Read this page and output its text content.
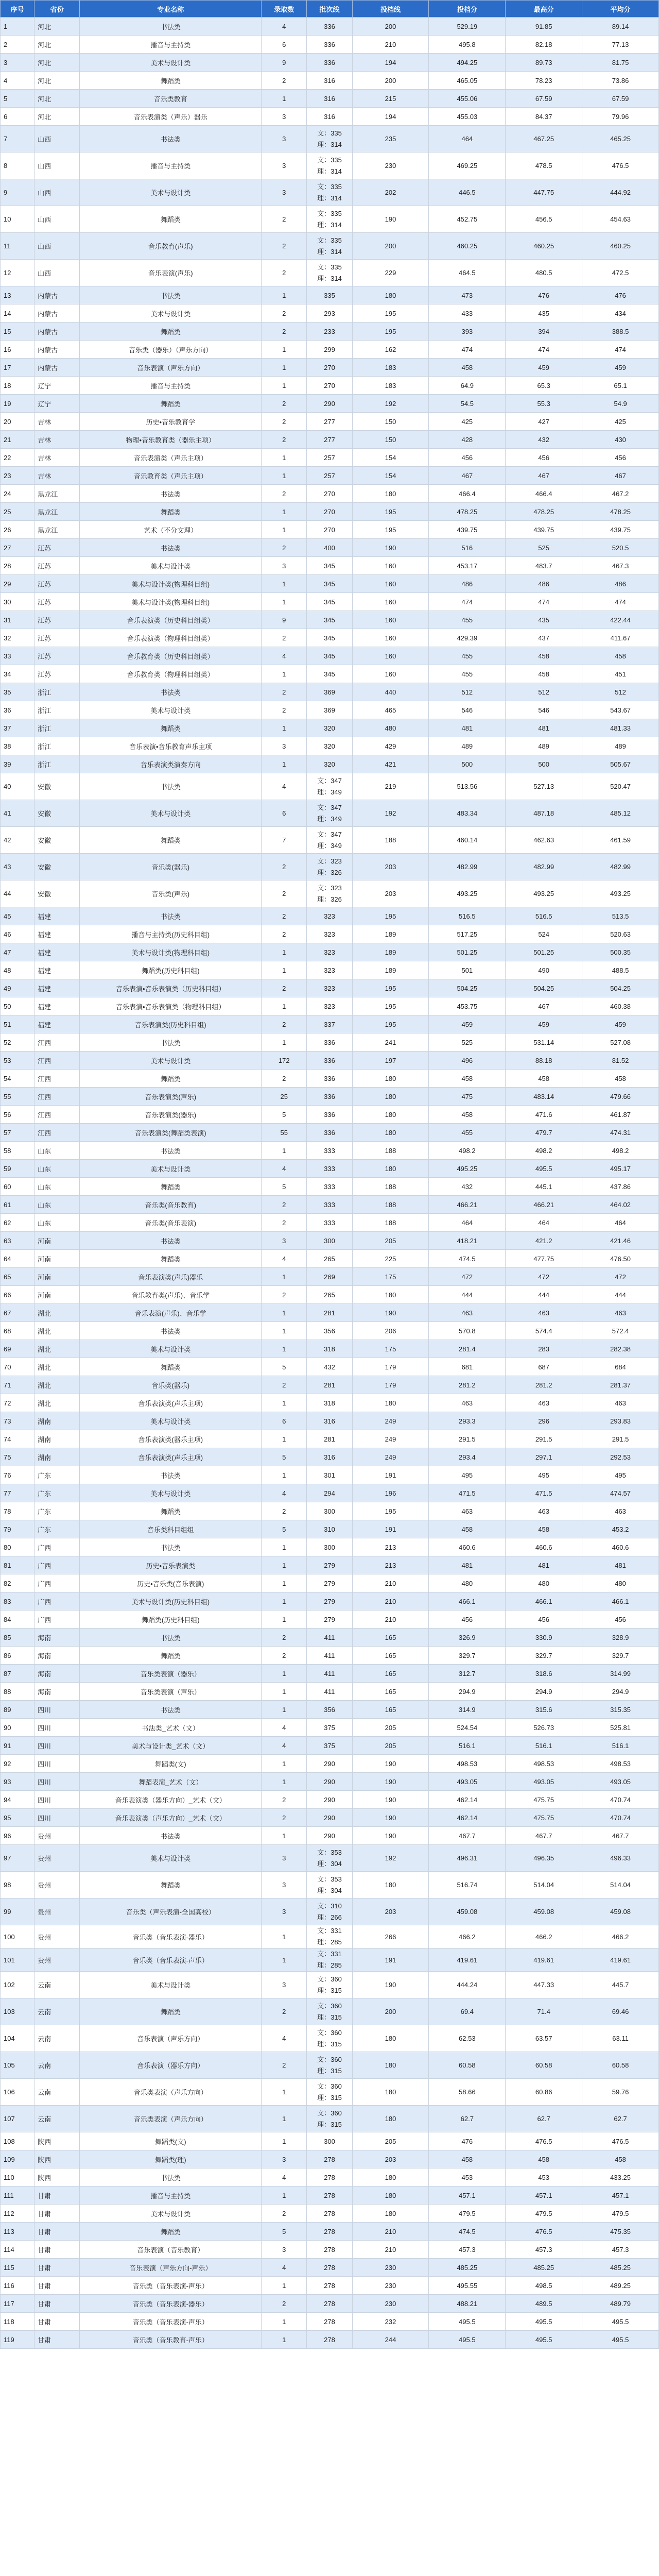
序号	省份	专业名称	录取数	批次线	投档线	投档分	最高分	平均分
1	河北	书法类	4	336	200	529.19	91.85	89.14
2	河北	播音与主持类	6	336	210	495.8	82.18	77.13
3	河北	美术与设计类	9	336	194	494.25	89.73	81.75
4	河北	舞蹈类	2	316	200	465.05	78.23	73.86
5	河北	音乐类教育	1	316	215	455.06	67.59	67.59
6	河北	音乐表演类（声乐）器乐	3	316	194	455.03	84.37	79.96
7	山西	书法类	3	文：335
理：314	235	464	467.25	465.25
8	山西	播音与主持类	3	文：335
理：314	230	469.25	478.5	476.5
9	山西	美术与设计类	3	文：335
理：314	202	446.5	447.75	444.92
10	山西	舞蹈类	2	文：335
理：314	190	452.75	456.5	454.63
11	山西	音乐教育(声乐)	2	文：335
理：314	200	460.25	460.25	460.25
12	山西	音乐表演(声乐)	2	文：335
理：314	229	464.5	480.5	472.5
13	内蒙古	书法类	1	335	180	473	476	476
14	内蒙古	美术与设计类	2	293	195	433	435	434
15	内蒙古	舞蹈类	2	233	195	393	394	388.5
16	内蒙古	音乐类（器乐）（声乐方向）	1	299	162	474	474	474
17	内蒙古	音乐表演（声乐方向）	1	270	183	458	459	459
18	辽宁	播音与主持类	1	270	183	64.9	65.3	65.1
19	辽宁	舞蹈类	2	290	192	54.5	55.3	54.9
20	吉林	历史•音乐教育学	2	277	150	425	427	425
21	吉林	物理•音乐教育类（器乐主项）	2	277	150	428	432	430
22	吉林	音乐表演类（声乐主项）	1	257	154	456	456	456
23	吉林	音乐教育类（声乐主项）	1	257	154	467	467	467
24	黑龙江	书法类	2	270	180	466.4	466.4	467.2
25	黑龙江	舞蹈类	1	270	195	478.25	478.25	478.25
26	黑龙江	艺术（不分文理）	1	270	195	439.75	439.75	439.75
27	江苏	书法类	2	400	190	516	525	520.5
28	江苏	美术与设计类	3	345	160	453.17	483.7	467.3
29	江苏	美术与设计类(物理科目组)	1	345	160	486	486	486
30	江苏	美术与设计类(物理科目组)	1	345	160	474	474	474
31	江苏	音乐表演类（历史科目组类）	9	345	160	455	435	422.44
32	江苏	音乐表演类（物理科目组类）	2	345	160	429.39	437	411.67
33	江苏	音乐教育类（历史科目组类）	4	345	160	455	458	458
34	江苏	音乐教育类（物理科目组类）	1	345	160	455	458	451
35	浙江	书法类	2	369	440	512	512	512
36	浙江	美术与设计类	2	369	465	546	546	543.67
37	浙江	舞蹈类	1	320	480	481	481	481.33
38	浙江	音乐表演•音乐教育声乐主项	3	320	429	489	489	489
39	浙江	音乐表演类演奏方向	1	320	421	500	500	505.67
40	安徽	书法类	4	文：347
理：349	219	513.56	527.13	520.47
41	安徽	美术与设计类	6	文：347
理：349	192	483.34	487.18	485.12
42	安徽	舞蹈类	7	文：347
理：349	188	460.14	462.63	461.59
43	安徽	音乐类(器乐)	2	文：323
理：326	203	482.99	482.99	482.99
44	安徽	音乐类(声乐)	2	文：323
理：326	203	493.25	493.25	493.25
45	福建	书法类	2	323	195	516.5	516.5	513.5
46	福建	播音与主持类(历史科目组)	2	323	189	517.25	524	520.63
47	福建	美术与设计类(物理科目组)	1	323	189	501.25	501.25	500.35
48	福建	舞蹈类(历史科目组)	1	323	189	501	490	488.5
49	福建	音乐表演•音乐表演类（历史科目组）	2	323	195	504.25	504.25	504.25
50	福建	音乐表演•音乐表演类（物理科目组）	1	323	195	453.75	467	460.38
51	福建	音乐表演类(历史科目组)	2	337	195	459	459	459
52	江西	书法类	1	336	241	525	531.14	527.08
53	江西	美术与设计类	172	336	197	496	88.18	81.52
54	江西	舞蹈类	2	336	180	458	458	458
55	江西	音乐表演类(声乐)	25	336	180	475	483.14	479.66
56	江西	音乐表演类(器乐)	5	336	180	458	471.6	461.87
57	江西	音乐表演类(舞蹈类表演)	55	336	180	455	479.7	474.31
58	山东	书法类	1	333	188	498.2	498.2	498.2
59	山东	美术与设计类	4	333	180	495.25	495.5	495.17
60	山东	舞蹈类	5	333	188	432	445.1	437.86
61	山东	音乐类(音乐教育)	2	333	188	466.21	466.21	464.02
62	山东	音乐类(音乐表演)	2	333	188	464	464	464
63	河南	书法类	3	300	205	418.21	421.2	421.46
64	河南	舞蹈类	4	265	225	474.5	477.75	476.50
65	河南	音乐表演类(声乐)器乐	1	269	175	472	472	472
66	河南	音乐教育类(声乐)、音乐学	2	265	180	444	444	444
67	湖北	音乐表演(声乐)、音乐学	1	281	190	463	463	463
68	湖北	书法类	1	356	206	570.8	574.4	572.4
69	湖北	美术与设计类	1	318	175	281.4	283	282.38
70	湖北	舞蹈类	5	432	179	681	687	684
71	湖北	音乐类(器乐)	2	281	179	281.2	281.2	281.37
72	湖北	音乐表演类(声乐主项)	1	318	180	463	463	463
73	湖南	美术与设计类	6	316	249	293.3	296	293.83
74	湖南	音乐表演类(器乐主项)	1	281	249	291.5	291.5	291.5
75	湖南	音乐表演类(声乐主项)	5	316	249	293.4	297.1	292.53
76	广东	书法类	1	301	191	495	495	495
77	广东	美术与设计类	4	294	196	471.5	471.5	474.57
78	广东	舞蹈类	2	300	195	463	463	463
79	广东	音乐类科目组组	5	310	191	458	458	453.2
80	广西	书法类	1	300	213	460.6	460.6	460.6
81	广西	历史•音乐表演类	1	279	213	481	481	481
82	广西	历史•音乐类(音乐表演)	1	279	210	480	480	480
83	广西	美术与设计类(历史科目组)	1	279	210	466.1	466.1	466.1
84	广西	舞蹈类(历史科目组)	1	279	210	456	456	456
85	海南	书法类	2	411	165	326.9	330.9	328.9
86	海南	舞蹈类	2	411	165	329.7	329.7	329.7
87	海南	音乐类表演（器乐）	1	411	165	312.7	318.6	314.99
88	海南	音乐类表演（声乐）	1	411	165	294.9	294.9	294.9
89	四川	书法类	1	356	165	314.9	315.6	315.35
90	四川	书法类_艺术（文）	4	375	205	524.54	526.73	525.81
91	四川	美术与设计类_艺术（文）	4	375	205	516.1	516.1	516.1
92	四川	舞蹈类(文)	1	290	190	498.53	498.53	498.53
93	四川	舞蹈表演_艺术（文）	1	290	190	493.05	493.05	493.05
94	四川	音乐表演类（器乐方向）_艺术（文）	2	290	190	462.14	475.75	470.74
95	四川	音乐表演类（声乐方向）_艺术（文）	2	290	190	462.14	475.75	470.74
96	贵州	书法类	1	290	190	467.7	467.7	467.7
97	贵州	美术与设计类	3	文：353
理：304	192	496.31	496.35	496.33
98	贵州	舞蹈类	3	文：353
理：304	180	516.74	514.04	514.04
99	贵州	音乐类（声乐表演-全国高校）	3	文：310
理：266	203	459.08	459.08	459.08
100	贵州	音乐类（音乐表演-器乐）	1	文：331
理：285	266	466.2	466.2	466.2
101	贵州	音乐类（音乐表演-声乐）	1	文：331
理：285	191	419.61	419.61	419.61
102	云南	美术与设计类	3	文：360
理：315	190	444.24	447.33	445.7
103	云南	舞蹈类	2	文：360
理：315	200	69.4	71.4	69.46
104	云南	音乐表演（声乐方向）	4	文：360
理：315	180	62.53	63.57	63.11
105	云南	音乐表演（器乐方向）	2	文：360
理：315	180	60.58	60.58	60.58
106	云南	音乐类表演（声乐方向）	1	文：360
理：315	180	58.66	60.86	59.76
107	云南	音乐类表演（声乐方向）	1	文：360
理：315	180	62.7	62.7	62.7
108	陕西	舞蹈类(文)	1	300	205	476	476.5	476.5
109	陕西	舞蹈类(理)	3	278	203	458	458	458
110	陕西	书法类	4	278	180	453	453	433.25
111	甘肃	播音与主持类	1	278	180	457.1	457.1	457.1
112	甘肃	美术与设计类	2	278	180	479.5	479.5	479.5
113	甘肃	舞蹈类	5	278	210	474.5	476.5	475.35
114	甘肃	音乐表演（音乐教育）	3	278	210	457.3	457.3	457.3
115	甘肃	音乐表演（声乐方向-声乐）	4	278	230	485.25	485.25	485.25
116	甘肃	音乐类（音乐表演-声乐）	1	278	230	495.55	498.5	489.25
117	甘肃	音乐类（音乐表演-器乐）	2	278	230	488.21	489.5	489.79
118	甘肃	音乐类（音乐表演-声乐）	1	278	232	495.5	495.5	495.5
119	甘肃	音乐类（音乐教育-声乐）	1	278	244	495.5	495.5	495.5
